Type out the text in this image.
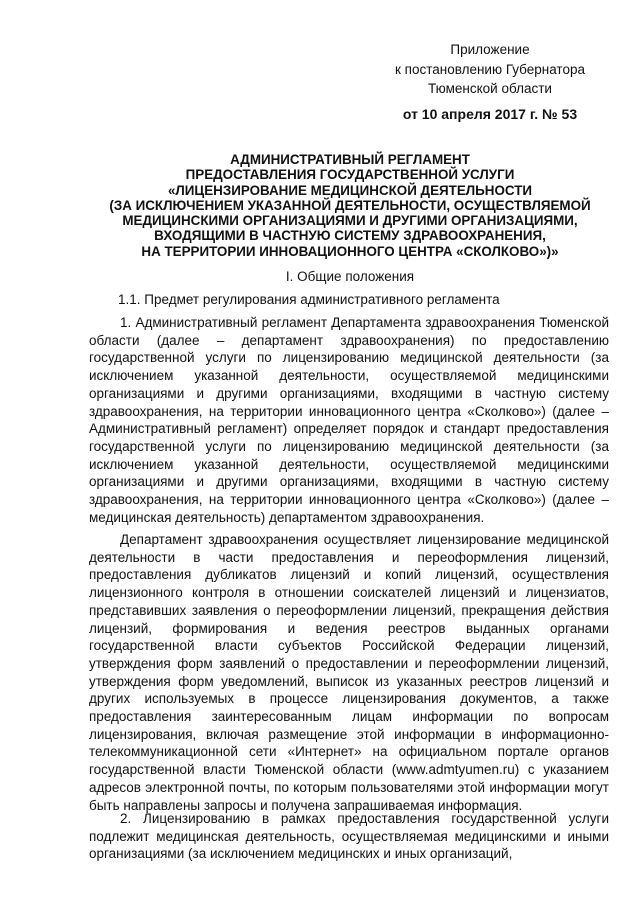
Приложение
к постановлению Губернатора
Тюменской области
от 10 апреля 2017 г. № 53
АДМИНИСТРАТИВНЫЙ РЕГЛАМЕНТ
ПРЕДОСТАВЛЕНИЯ ГОСУДАРСТВЕННОЙ УСЛУГИ
«ЛИЦЕНЗИРОВАНИЕ МЕДИЦИНСКОЙ ДЕЯТЕЛЬНОСТИ
(ЗА ИСКЛЮЧЕНИЕМ УКАЗАННОЙ ДЕЯТЕЛЬНОСТИ, ОСУЩЕСТВЛЯЕМОЙ
МЕДИЦИНСКИМИ ОРГАНИЗАЦИЯМИ И ДРУГИМИ ОРГАНИЗАЦИЯМИ,
ВХОДЯЩИМИ В ЧАСТНУЮ СИСТЕМУ ЗДРАВООХРАНЕНИЯ,
НА ТЕРРИТОРИИ ИННОВАЦИОННОГО ЦЕНТРА «СКОЛКОВО»)»
I. Общие положения
1.1. Предмет регулирования административного регламента

1. Административный регламент Департамента здравоохранения Тюменской области (далее – департамент здравоохранения) по предоставлению государственной услуги по лицензированию медицинской деятельности (за исключением указанной деятельности, осуществляемой медицинскими организациями и другими организациями, входящими в частную систему здравоохранения, на территории инновационного центра «Сколково») (далее – Административный регламент) определяет порядок и стандарт предоставления государственной услуги по лицензированию медицинской деятельности (за исключением указанной деятельности, осуществляемой медицинскими организациями и другими организациями, входящими в частную систему здравоохранения, на территории инновационного центра «Сколково») (далее – медицинская деятельность) департаментом здравоохранения.

Департамент здравоохранения осуществляет лицензирование медицинской деятельности в части предоставления и переоформления лицензий, предоставления дубликатов лицензий и копий лицензий, осуществления лицензионного контроля в отношении соискателей лицензий и лицензиатов, представивших заявления о переоформлении лицензий, прекращения действия лицензий, формирования и ведения реестров выданных органами государственной власти субъектов Российской Федерации лицензий, утверждения форм заявлений о предоставлении и переоформлении лицензий, утверждения форм уведомлений, выписок из указанных реестров лицензий и других используемых в процессе лицензирования документов, а также предоставления заинтересованным лицам информации по вопросам лицензирования, включая размещение этой информации в информационно-телекоммуникационной сети «Интернет» на официальном портале органов государственной власти Тюменской области (www.admtyumen.ru) с указанием адресов электронной почты, по которым пользователями этой информации могут быть направлены запросы и получена запрашиваемая информация.

2. Лицензированию в рамках предоставления государственной услуги подлежит медицинская деятельность, осуществляемая медицинскими и иными организациями (за исключением медицинских и иных организаций,
